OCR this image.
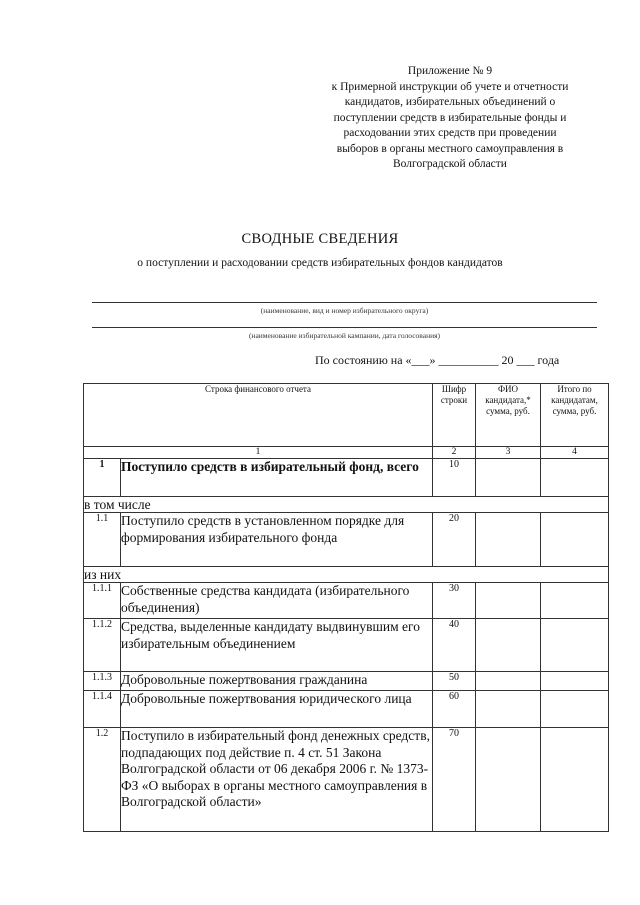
Приложение № 9
к Примерной инструкции об учете и отчетности
кандидатов, избирательных объединений о
поступлении средств в избирательные фонды и
расходовании этих средств при проведении
выборов в органы местного самоуправления в
Волгоградской области
СВОДНЫЕ СВЕДЕНИЯ
о поступлении и расходовании средств избирательных фондов кандидатов
(наименование, вид и номер избирательного округа)
(наименование избирательной кампании, дата голосования)
По состоянию на «___» __________ 20 ___ года
Строка финансового отчета		Шифр строки	ФИО кандидата,* сумма, руб.	Итого по кандидатам, сумма, руб.
1		2	3	4
1	Поступило средств в избирательный фонд, всего	10		
в том числе				
1.1	Поступило средств в установленном порядке для формирования избирательного фонда	20		
из них				
1.1.1	Собственные средства кандидата (избирательного объединения)	30		
1.1.2	Средства, выделенные кандидату выдвинувшим его избирательным объединением	40		
1.1.3	Добровольные пожертвования гражданина	50		
1.1.4	Добровольные пожертвования юридического лица	60		
1.2	Поступило в избирательный фонд денежных средств, подпадающих под действие п. 4 ст. 51 Закона Волгоградской области от 06 декабря 2006 г. № 1373-ФЗ «О выборах в органы местного самоуправления в Волгоградской области»	70		
